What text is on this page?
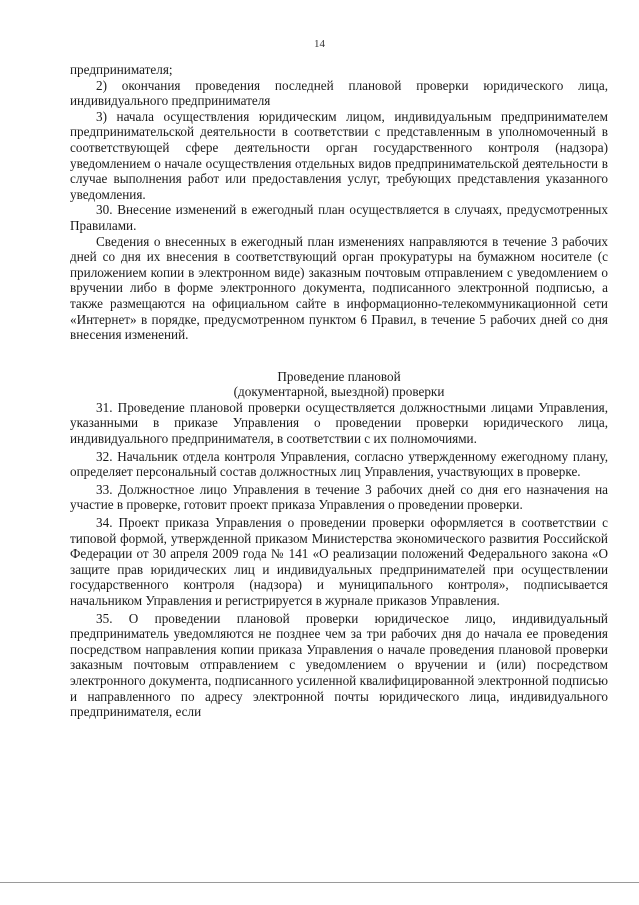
14

предпринимателя;

2) окончания проведения последней плановой проверки юридического лица, индивидуального предпринимателя

3) начала осуществления юридическим лицом, индивидуальным предпринимателем предпринимательской деятельности в соответствии с представленным в уполномоченный в соответствующей сфере деятельности орган государственного контроля (надзора) уведомлением о начале осуществления отдельных видов предпринимательской деятельности в случае выполнения работ или предоставления услуг, требующих представления указанного уведомления.

30. Внесение изменений в ежегодный план осуществляется в случаях, предусмотренных Правилами.

Сведения о внесенных в ежегодный план изменениях направляются в течение 3 рабочих дней со дня их внесения в соответствующий орган прокуратуры на бумажном носителе (с приложением копии в электронном виде) заказным почтовым отправлением с уведомлением о вручении либо в форме электронного документа, подписанного электронной подписью, а также размещаются на официальном сайте в информационно-телекоммуникационной сети «Интернет» в порядке, предусмотренном пунктом 6 Правил, в течение 5 рабочих дней со дня внесения изменений.

Проведение плановой

(документарной, выездной) проверки

31. Проведение плановой проверки осуществляется должностными лицами Управления, указанными в приказе Управления о проведении проверки юридического лица, индивидуального предпринимателя, в соответствии с их полномочиями.

32. Начальник отдела контроля Управления, согласно утвержденному ежегодному плану, определяет персональный состав должностных лиц Управления, участвующих в проверке.

33. Должностное лицо Управления в течение 3 рабочих дней со дня его назначения на участие в проверке, готовит проект приказа Управления о проведении проверки.

34. Проект приказа Управления о проведении проверки оформляется в соответствии с типовой формой, утвержденной приказом Министерства экономического развития Российской Федерации от 30 апреля 2009 года № 141 «О реализации положений Федерального закона «О защите прав юридических лиц и индивидуальных предпринимателей при осуществлении государственного контроля (надзора) и муниципального контроля», подписывается начальником Управления и регистрируется в журнале приказов Управления.

35. О проведении плановой проверки юридическое лицо, индивидуальный предприниматель уведомляются не позднее чем за три рабочих дня до начала ее проведения посредством направления копии приказа Управления о начале проведения плановой проверки заказным почтовым отправлением с уведомлением о вручении и (или) посредством электронного документа, подписанного усиленной квалифицированной электронной подписью и направленного по адресу электронной почты юридического лица, индивидуального предпринимателя, если
